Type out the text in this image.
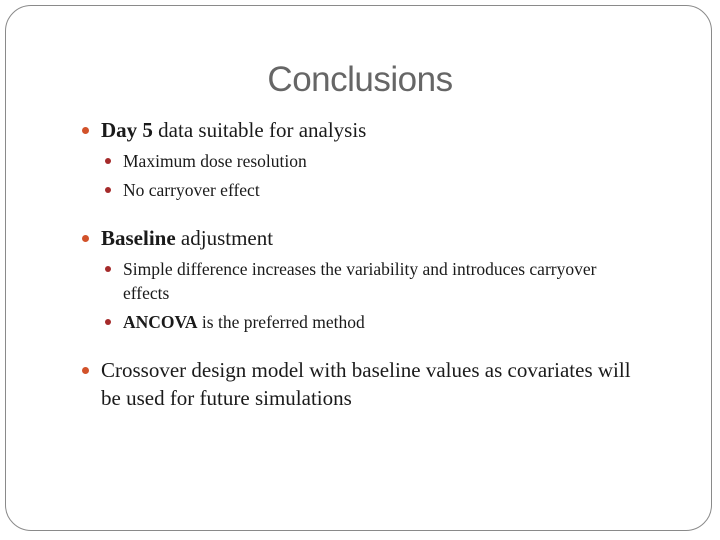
Conclusions
Day 5 data suitable for analysis
Maximum dose resolution
No carryover effect
Baseline adjustment
Simple difference increases the variability and introduces carryover effects
ANCOVA is the preferred method
Crossover design model with baseline values as covariates will be used for future simulations
